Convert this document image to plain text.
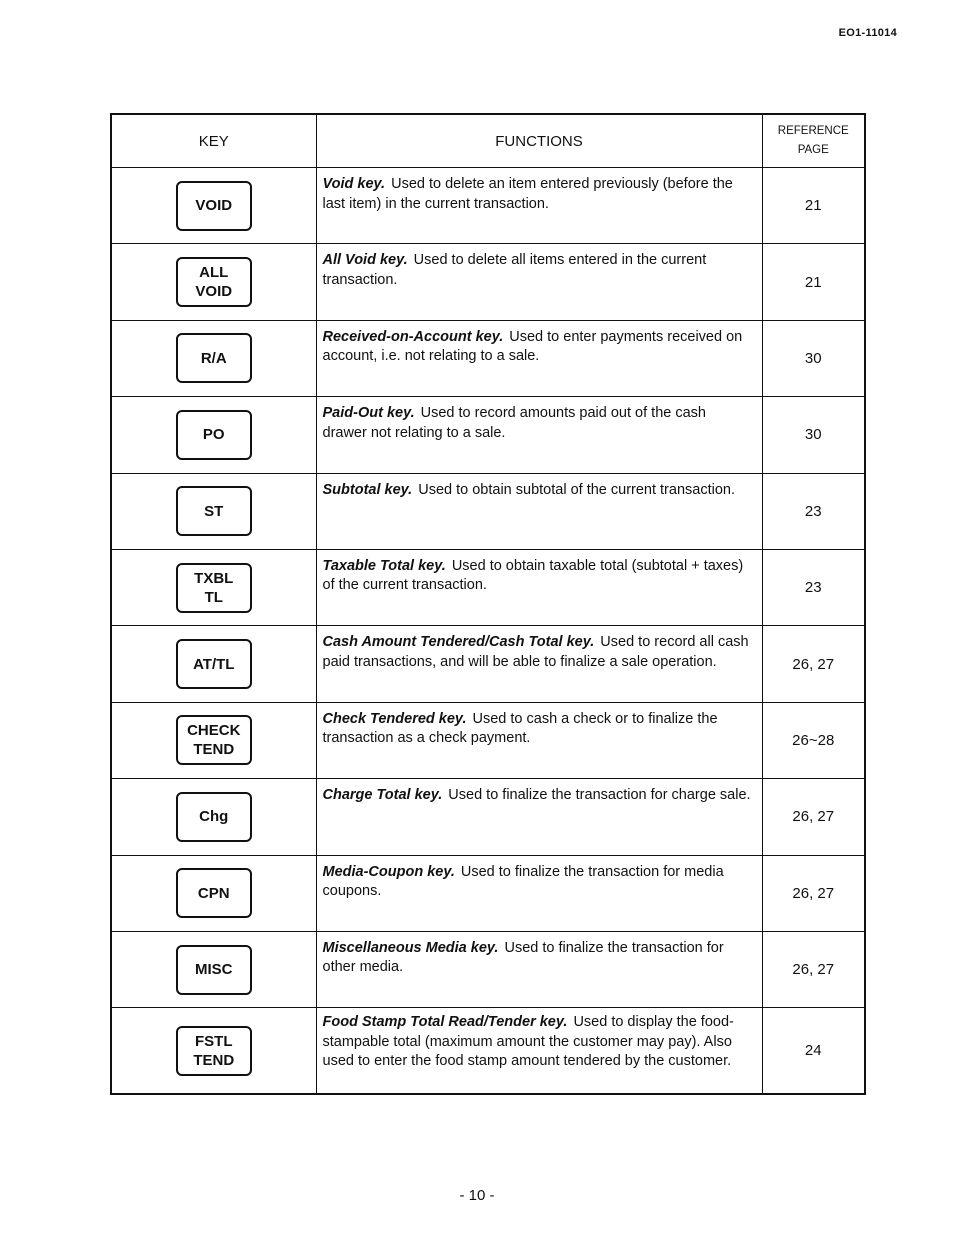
EO1-11014
KEY	FUNCTIONS	REFERENCE
PAGE

VOID	Void key. Used to delete an item entered previously (before the last item) in the current transaction.	21

ALL
VOID	All Void key. Used to delete all items entered in the current transaction.	21

R/A	Received-on-Account key. Used to enter payments received on account, i.e. not relating to a sale.	30

PO	Paid-Out key. Used to record amounts paid out of the cash drawer not relating to a sale.	30

ST	Subtotal key. Used to obtain subtotal of the current transaction.	23

TXBL
TL	Taxable Total key. Used to obtain taxable total (subtotal + taxes) of the current transaction.	23

AT/TL	Cash Amount Tendered/Cash Total key. Used to record all cash paid transactions, and will be able to finalize a sale operation.	26, 27

CHECK
TEND	Check Tendered key. Used to cash a check or to finalize the transaction as a check payment.	26~28

Chg	Charge Total key. Used to finalize the transaction for charge sale.	26, 27

CPN	Media-Coupon key. Used to finalize the transaction for media coupons.	26, 27

MISC	Miscellaneous Media key. Used to finalize the transaction for other media.	26, 27

FSTL
TEND	Food Stamp Total Read/Tender key. Used to display the food-stampable total (maximum amount the customer may pay). Also used to enter the food stamp amount tendered by the customer.	24
- 10 -
